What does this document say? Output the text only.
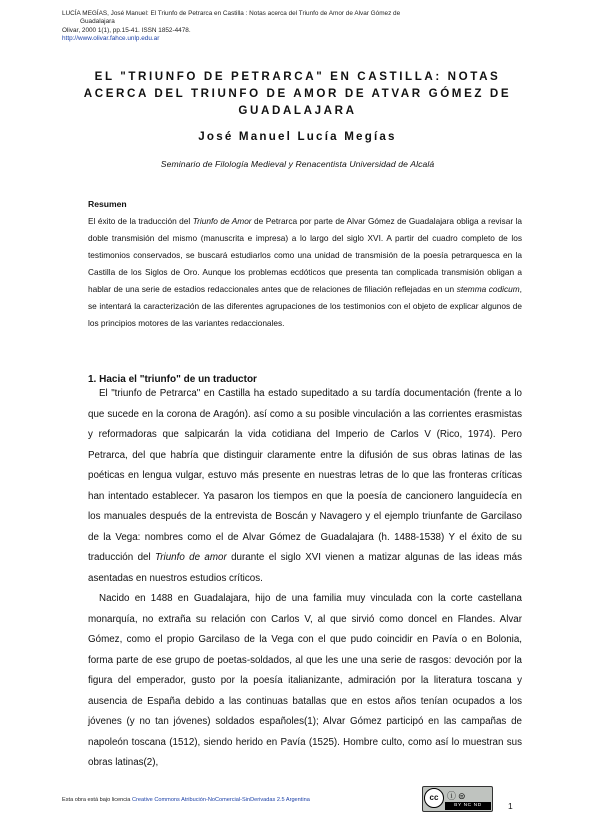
LUCÍA MEGÍAS, José Manuel: El Triunfo de Petrarca en Castilla : Notas acerca del Triunfo de Amor de Alvar Gómez de
Guadalajara
Olivar, 2000 1(1), pp.15-41. ISSN 1852-4478.
http://www.olivar.fahce.unlp.edu.ar
EL "TRIUNFO DE PETRARCA" EN CASTILLA: NOTAS ACERCA DEL TRIUNFO DE AMOR DE ATVAR GÓMEZ DE GUADALAJARA
José Manuel Lucía Megías
Seminario de Filología Medieval y Renacentista Universidad de Alcalá
Resumen

El éxito de la traducción del Triunfo de Amor de Petrarca por parte de Alvar Gómez de Guadalajara obliga a revisar la doble transmisión del mismo (manuscrita e impresa) a lo largo del siglo XVI. A partir del cuadro completo de los testimonios conservados, se buscará estudiarlos como una unidad de transmisión de la poesía petrarquesca en la Castilla de los Siglos de Oro. Aunque los problemas ecdóticos que presenta tan complicada transmisión obligan a hablar de una serie de estadios redaccionales antes que de relaciones de filiación reflejadas en un stemma codicum, se intentará la caracterización de las diferentes agrupaciones de los testimonios con el objeto de explicar algunos de los principios motores de las variantes redaccionales.

1. Hacia el "triunfo" de un traductor

El "triunfo de Petrarca" en Castilla ha estado supeditado a su tardía documentación (frente a lo que sucede en la corona de Aragón). así como a su posible vinculación a las corrientes erasmistas y reformadoras que salpicarán la vida cotidiana del Imperio de Carlos V (Rico, 1974). Pero Petrarca, del que habría que distinguir claramente entre la difusión de sus obras latinas de las poéticas en lengua vulgar, estuvo más presente en nuestras letras de lo que las fronteras críticas han intentado establecer. Ya pasaron los tiempos en que la poesía de cancionero languidecía en los manuales después de la entrevista de Boscán y Navagero y el ejemplo triunfante de Garcilaso de la Vega: nombres como el de Alvar Gómez de Guadalajara (h. 1488-1538) Y el éxito de su traducción del Triunfo de amor durante el siglo XVI vienen a matizar algunas de las ideas más asentadas en nuestros estudios críticos.

Nacido en 1488 en Guadalajara, hijo de una familia muy vinculada con la corte castellana monarquía, no extraña su relación con Carlos V, al que sirvió como doncel en Flandes. Alvar Gómez, como el propio Garcilaso de la Vega con el que pudo coincidir en Pavía o en Bolonia, forma parte de ese grupo de poetas-soldados, al que les une una serie de rasgos: devoción por la figura del emperador, gusto por la poesía italianizante, admiración por la literatura toscana y ausencia de España debido a las continuas batallas que en estos años tenían ocupados a los jóvenes (y no tan jóvenes) soldados españoles(1); Alvar Gómez participó en las campañas de napoleón toscana (1512), siendo herido en Pavía (1525). Hombre culto, como así lo muestran sus obras latinas(2),

Esta obra está bajo licencia Creative Commons Atribución-NoComercial-SinDerivadas 2.5 Argentina	cc ⓘ⊜
BY NC ND	1
